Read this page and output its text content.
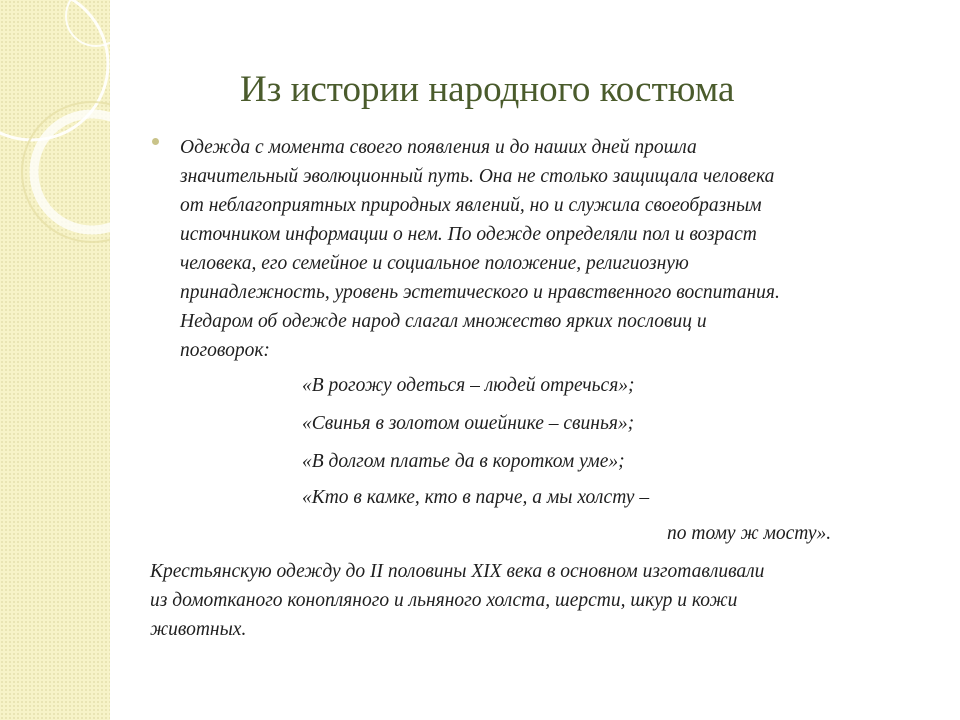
Из истории народного костюма
Одежда с момента своего появления и до наших дней прошла
значительный эволюционный путь. Она не столько защищала человека
от неблагоприятных природных явлений, но и служила своеобразным
источником информации о нем. По одежде определяли пол и возраст
человека, его семейное и социальное положение, религиозную
принадлежность, уровень эстетического и нравственного воспитания.
Недаром об одежде народ слагал множество ярких пословиц и
поговорок:
«В рогожу одеться – людей отречься»;
«Свинья в золотом ошейнике – свинья»;
«В долгом платье да в коротком уме»;
«Кто в камке, кто в парче, а мы холсту –
по тому ж мосту».
Крестьянскую одежду до II половины XIX века в основном изготавливали
из домотканого конопляного и льняного холста, шерсти, шкур и кожи
животных.
